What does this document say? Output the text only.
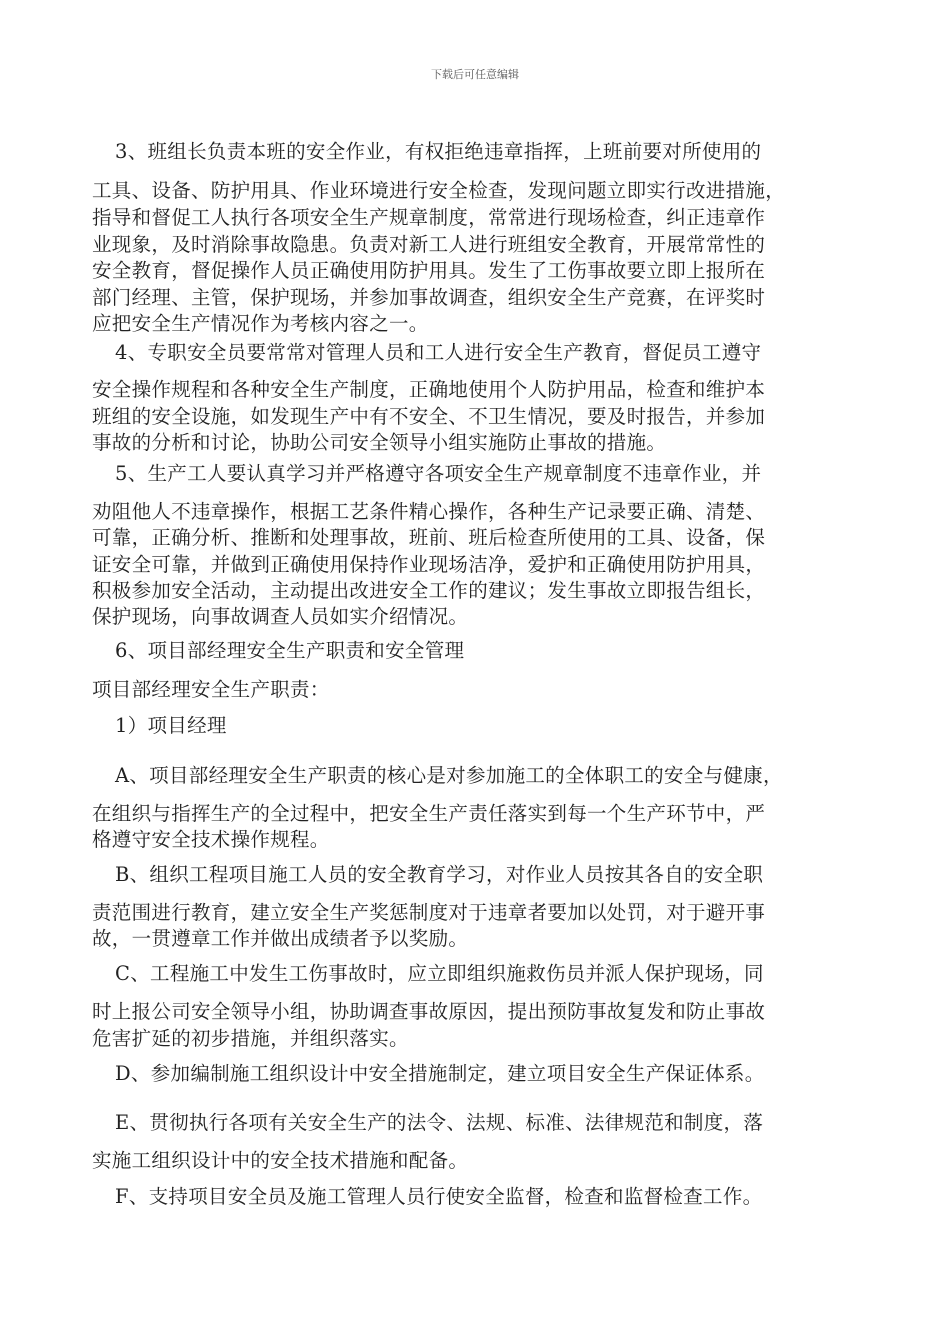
下载后可任意编辑
3、班组长负责本班的安全作业，有权拒绝违章指挥，上班前要对所使用的
工具、设备、防护用具、作业环境进行安全检查，发现问题立即实行改进措施，
指导和督促工人执行各项安全生产规章制度，常常进行现场检查，纠正违章作
业现象，及时消除事故隐患。负责对新工人进行班组安全教育，开展常常性的
安全教育，督促操作人员正确使用防护用具。发生了工伤事故要立即上报所在
部门经理、主管，保护现场，并参加事故调查，组织安全生产竞赛，在评奖时
应把安全生产情况作为考核内容之一。
4、专职安全员要常常对管理人员和工人进行安全生产教育，督促员工遵守
安全操作规程和各种安全生产制度，正确地使用个人防护用品，检查和维护本
班组的安全设施，如发现生产中有不安全、不卫生情况，要及时报告，并参加
事故的分析和讨论，协助公司安全领导小组实施防止事故的措施。
5、生产工人要认真学习并严格遵守各项安全生产规章制度不违章作业，并
劝阻他人不违章操作，根据工艺条件精心操作，各种生产记录要正确、清楚、
可靠，正确分析、推断和处理事故，班前、班后检查所使用的工具、设备，保
证安全可靠，并做到正确使用保持作业现场洁净，爱护和正确使用防护用具，
积极参加安全活动，主动提出改进安全工作的建议；发生事故立即报告组长，
保护现场，向事故调查人员如实介绍情况。
6、项目部经理安全生产职责和安全管理
项目部经理安全生产职责：
1）项目经理
A、项目部经理安全生产职责的核心是对参加施工的全体职工的安全与健康，
在组织与指挥生产的全过程中，把安全生产责任落实到每一个生产环节中，严
格遵守安全技术操作规程。
B、组织工程项目施工人员的安全教育学习，对作业人员按其各自的安全职
责范围进行教育，建立安全生产奖惩制度对于违章者要加以处罚，对于避开事
故，一贯遵章工作并做出成绩者予以奖励。
C、工程施工中发生工伤事故时，应立即组织施救伤员并派人保护现场，同
时上报公司安全领导小组，协助调查事故原因，提出预防事故复发和防止事故
危害扩延的初步措施，并组织落实。
D、参加编制施工组织设计中安全措施制定，建立项目安全生产保证体系。
E、贯彻执行各项有关安全生产的法令、法规、标准、法律规范和制度，落
实施工组织设计中的安全技术措施和配备。
F、支持项目安全员及施工管理人员行使安全监督，检查和监督检查工作。
